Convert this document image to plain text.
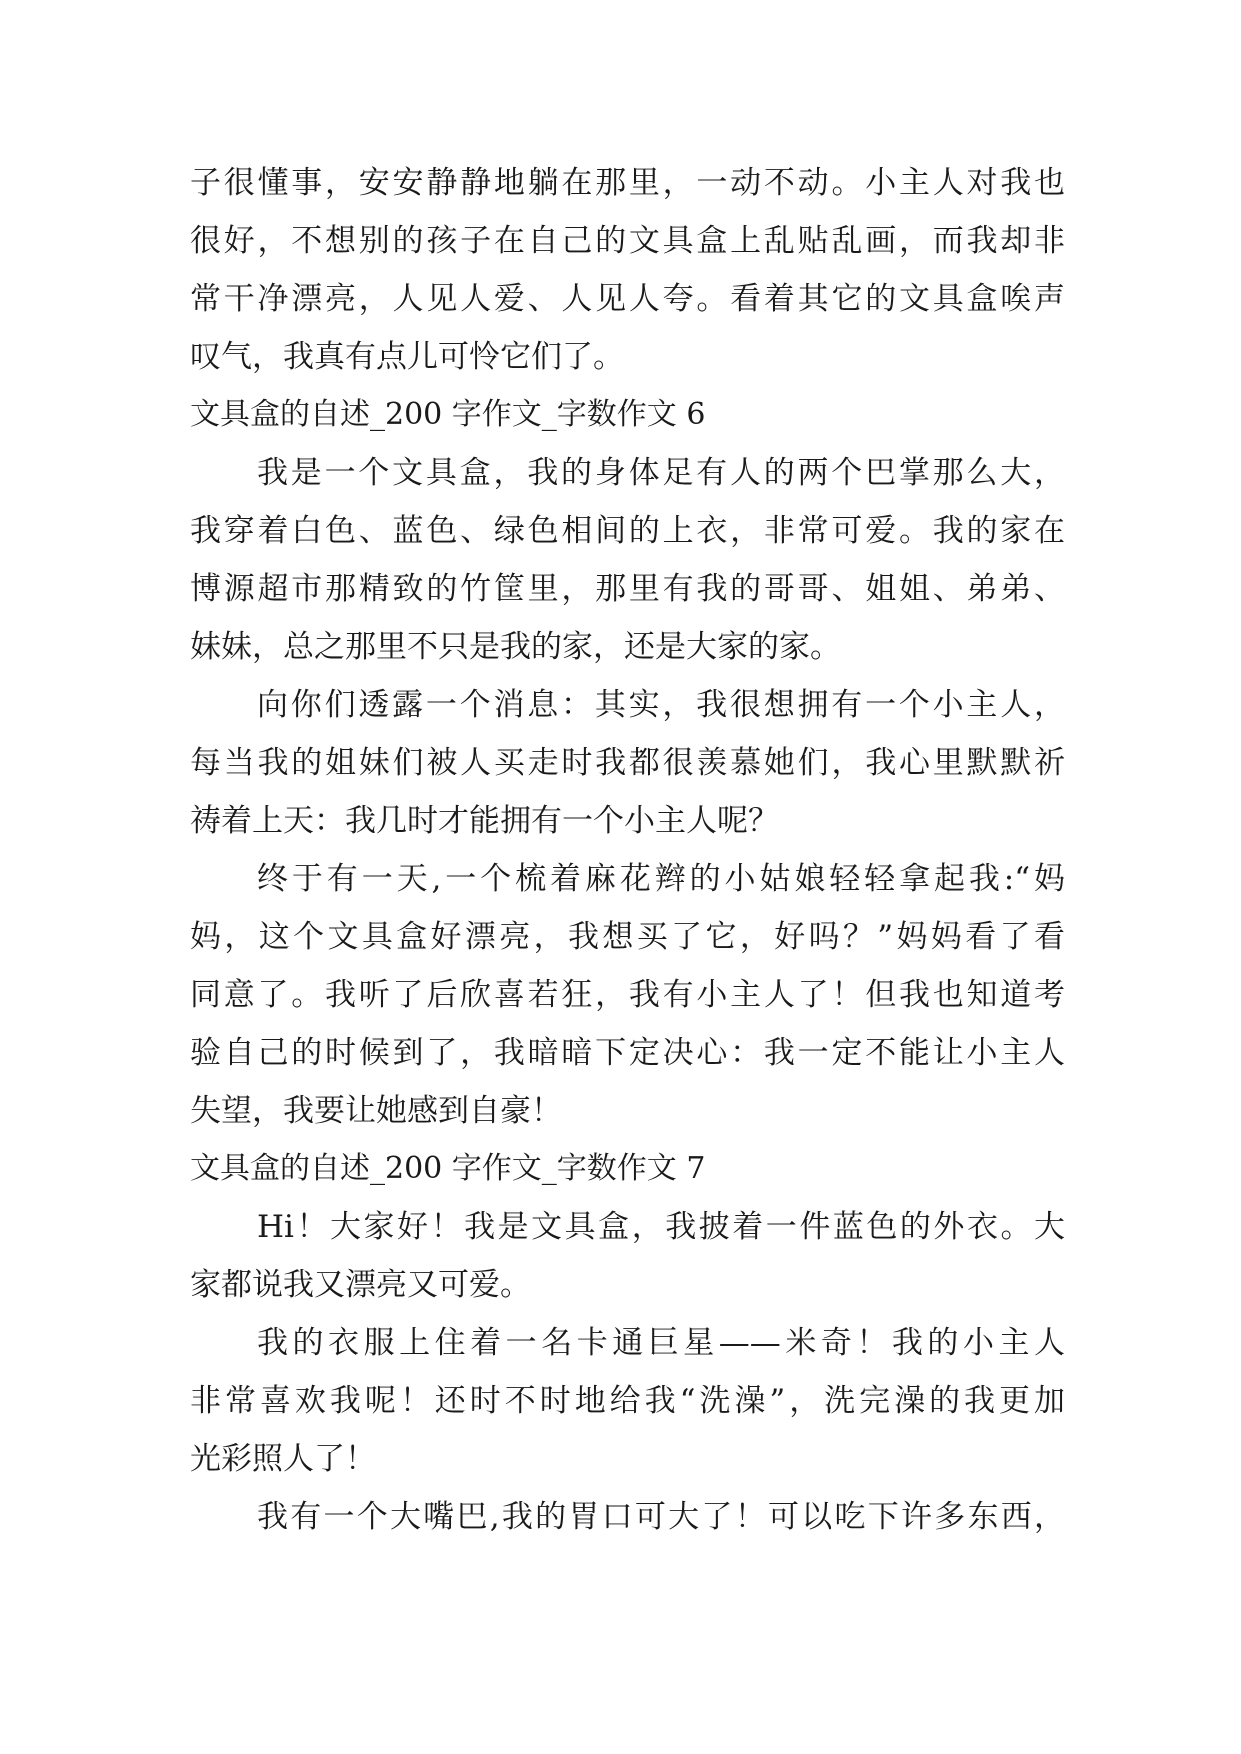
子很懂事，安安静静地躺在那里，一动不动。小主人对我也
很好，不想别的孩子在自己的文具盒上乱贴乱画，而我却非
常干净漂亮，人见人爱、人见人夸。看着其它的文具盒唉声
叹气，我真有点儿可怜它们了。
文具盒的自述_200 字作文_字数作文 6
我是一个文具盒，我的身体足有人的两个巴掌那么大，
我穿着白色、蓝色、绿色相间的上衣，非常可爱。我的家在
博源超市那精致的竹筐里，那里有我的哥哥、姐姐、弟弟、
妹妹，总之那里不只是我的家，还是大家的家。
向你们透露一个消息：其实，我很想拥有一个小主人，
每当我的姐妹们被人买走时我都很羡慕她们，我心里默默祈
祷着上天：我几时才能拥有一个小主人呢？
终于有一天,一个梳着麻花辫的小姑娘轻轻拿起我:“妈
妈，这个文具盒好漂亮，我想买了它，好吗？”妈妈看了看
同意了。我听了后欣喜若狂，我有小主人了！但我也知道考
验自己的时候到了，我暗暗下定决心：我一定不能让小主人
失望，我要让她感到自豪！
文具盒的自述_200 字作文_字数作文 7
Hi！大家好！我是文具盒，我披着一件蓝色的外衣。大
家都说我又漂亮又可爱。
我的衣服上住着一名卡通巨星——米奇！我的小主人
非常喜欢我呢！还时不时地给我“洗澡”，洗完澡的我更加
光彩照人了！
我有一个大嘴巴,我的胃口可大了！可以吃下许多东西，
